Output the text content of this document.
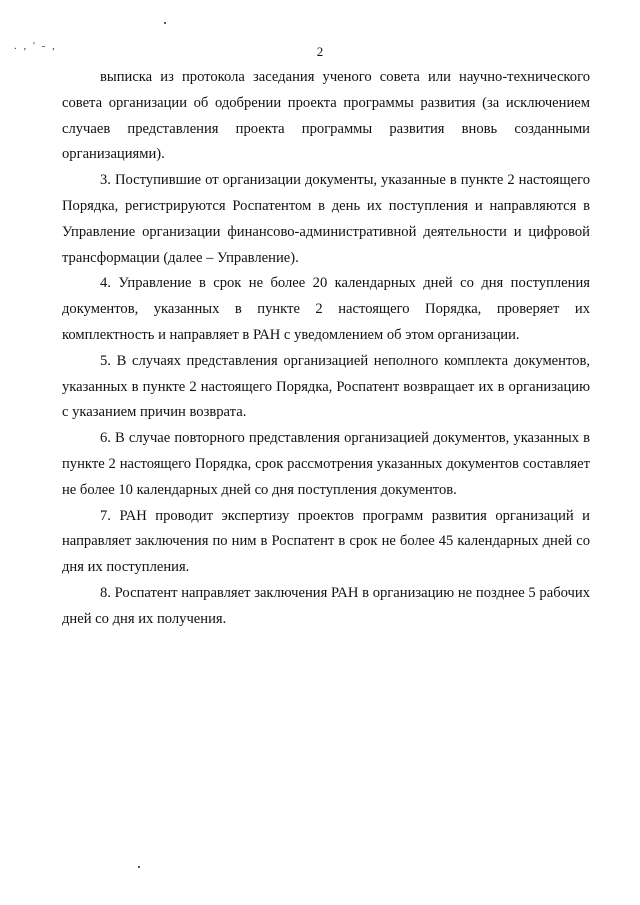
. , ' - ,	2

выписка из протокола заседания ученого совета или научно-технического совета организации об одобрении проекта программы развития (за исключением случаев представления проекта программы развития вновь созданными организациями).

3. Поступившие от организации документы, указанные в пункте 2 настоящего Порядка, регистрируются Роспатентом в день их поступления и направляются в Управление организации финансово-административной деятельности и цифровой трансформации (далее – Управление).

4. Управление в срок не более 20 календарных дней со дня поступления документов, указанных в пункте 2 настоящего Порядка, проверяет их комплектность и направляет в РАН с уведомлением об этом организации.

5. В случаях представления организацией неполного комплекта документов, указанных в пункте 2 настоящего Порядка, Роспатент возвращает их в организацию с указанием причин возврата.

6. В случае повторного представления организацией документов, указанных в пункте 2 настоящего Порядка, срок рассмотрения указанных документов составляет не более 10 календарных дней со дня поступления документов.

7. РАН проводит экспертизу проектов программ развития организаций и направляет заключения по ним в Роспатент в срок не более 45 календарных дней со дня их поступления.

8. Роспатент направляет заключения РАН в организацию не позднее 5 рабочих дней со дня их получения.
